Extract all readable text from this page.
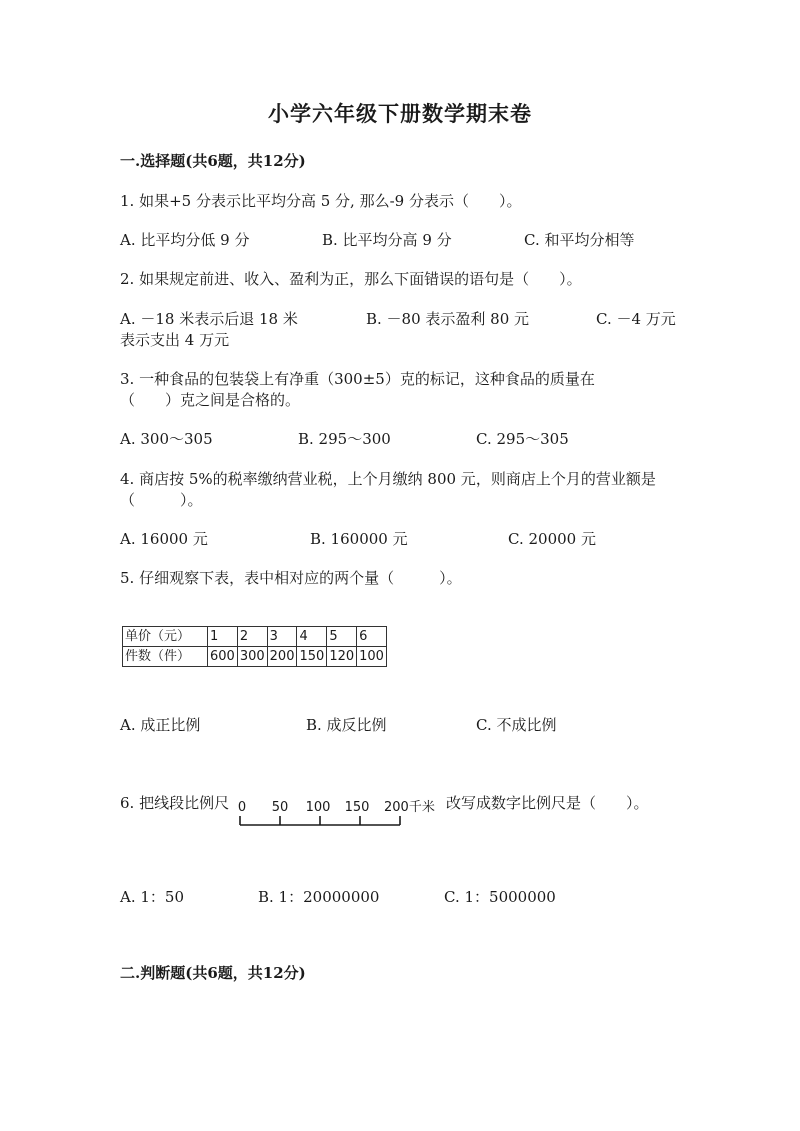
小学六年级下册数学期末卷
一.选择题(共6题，共12分)
1. 如果+5 分表示比平均分高 5 分, 那么-9 分表示（　　）。
A. 比平均分低 9 分	B. 比平均分高 9 分	C. 和平均分相等
2. 如果规定前进、收入、盈利为正，那么下面错误的语句是（　　）。
A. －18 米表示后退 18 米	B. －80 表示盈利 80 元	C. －4 万元
表示支出 4 万元
3. 一种食品的包装袋上有净重（300±5）克的标记，这种食品的质量在
（　　）克之间是合格的。
A. 300～305	B. 295～300	C. 295～305
4. 商店按 5%的税率缴纳营业税，上个月缴纳 800 元，则商店上个月的营业额是
（　　　）。
A. 16000 元	B. 160000 元	C. 20000 元
5. 仔细观察下表，表中相对应的两个量（　　　）。
单价（元）	1	2	3	4	5	6
件数（件）	600	300	200	150	120	100
A. 成正比例	B. 成反比例	C. 不成比例
6. 把线段比例尺 0 50 100 150 200千米 改写成数字比例尺是（　　）。
A. 1：50	B. 1：20000000	C. 1：5000000
二.判断题(共6题，共12分)
